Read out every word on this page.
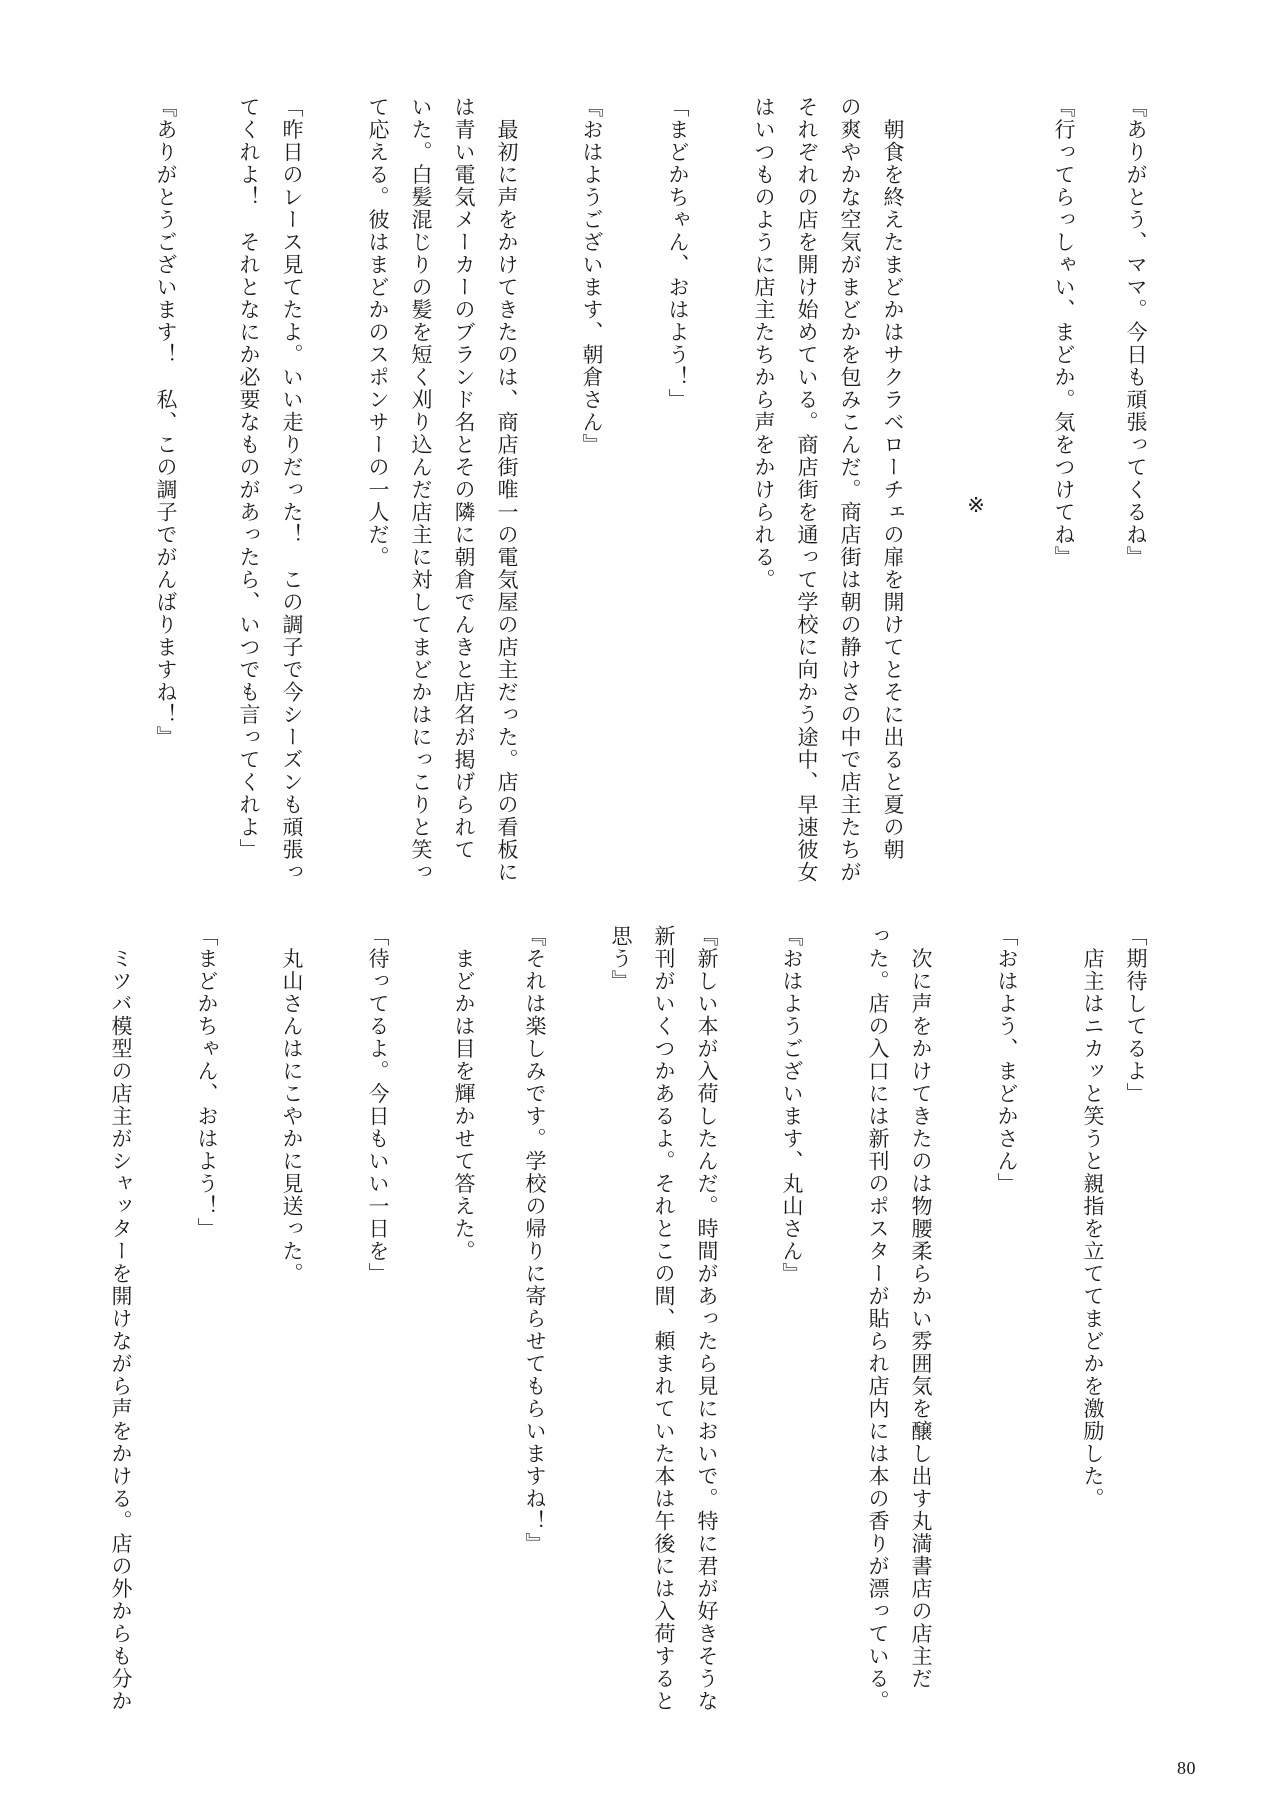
『ありがとう、ママ。今日も頑張ってくるね』
『行ってらっしゃい、まどか。気をつけてね』
※
　朝食を終えたまどかはサクラベローチェの扉を開けてとそに出ると夏の朝
の爽やかな空気がまどかを包みこんだ。商店街は朝の静けさの中で店主たちが
それぞれの店を開け始めている。商店街を通って学校に向かう途中、早速彼女
はいつものように店主たちから声をかけられる。
「まどかちゃん、おはよう！」
『おはようございます、朝倉さん』
　最初に声をかけてきたのは、商店街唯一の電気屋の店主だった。店の看板に
は青い電気メーカーのブランド名とその隣に朝倉でんきと店名が掲げられて
いた。白髪混じりの髪を短く刈り込んだ店主に対してまどかはにっこりと笑っ
て応える。彼はまどかのスポンサーの一人だ。
「昨日のレース見てたよ。いい走りだった！　この調子で今シーズンも頑張っ
てくれよ！　それとなにか必要なものがあったら、いつでも言ってくれよ」
『ありがとうございます！　私、この調子でがんばりますね！』
「期待してるよ」
　店主はニカッと笑うと親指を立ててまどかを激励した。
「おはよう、まどかさん」
　次に声をかけてきたのは物腰柔らかい雰囲気を醸し出す丸満書店の店主だ
った。店の入口には新刊のポスターが貼られ店内には本の香りが漂っている。
『おはようございます、丸山さん』
『新しい本が入荷したんだ。時間があったら見においで。特に君が好きそうな
新刊がいくつかあるよ。それとこの間、頼まれていた本は午後には入荷すると
思う』
『それは楽しみです。学校の帰りに寄らせてもらいますね！』
　まどかは目を輝かせて答えた。
「待ってるよ。今日もいい一日を」
　丸山さんはにこやかに見送った。
「まどかちゃん、おはよう！」
　ミツバ模型の店主がシャッターを開けながら声をかける。店の外からも分か
80
